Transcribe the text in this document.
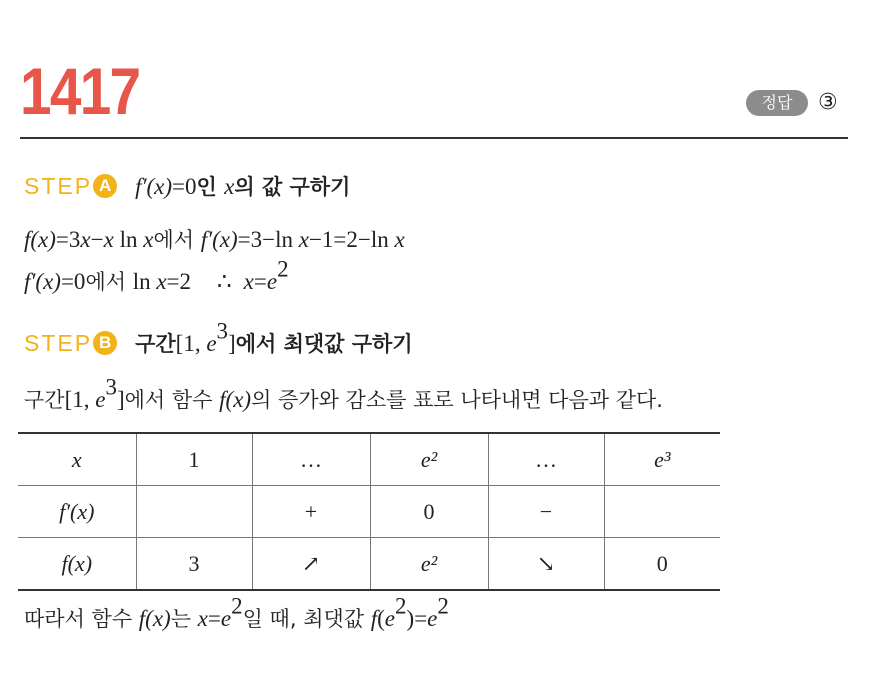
1417	정답	③
STEP A f′(x)=0인 x의 값 구하기
f(x)=3x−x ln x에서 f′(x)=3−ln x−1=2−ln x
f′(x)=0에서 ln x=2 ∴ $x=e^2$
STEP B 구간[1, $e^3$]에서 최댓값 구하기
구간[1, $e^3$]에서 함수 f(x)의 증가와 감소를 표로 나타내면 다음과 같다.
x	1	…	e²	…	e³
f′(x)		+	0	−	
f(x)	3	↗	e²	↘	0
따라서 함수 f(x)는 $x=e^2$일 때, 최댓값 $f(e^2)=e^2$
